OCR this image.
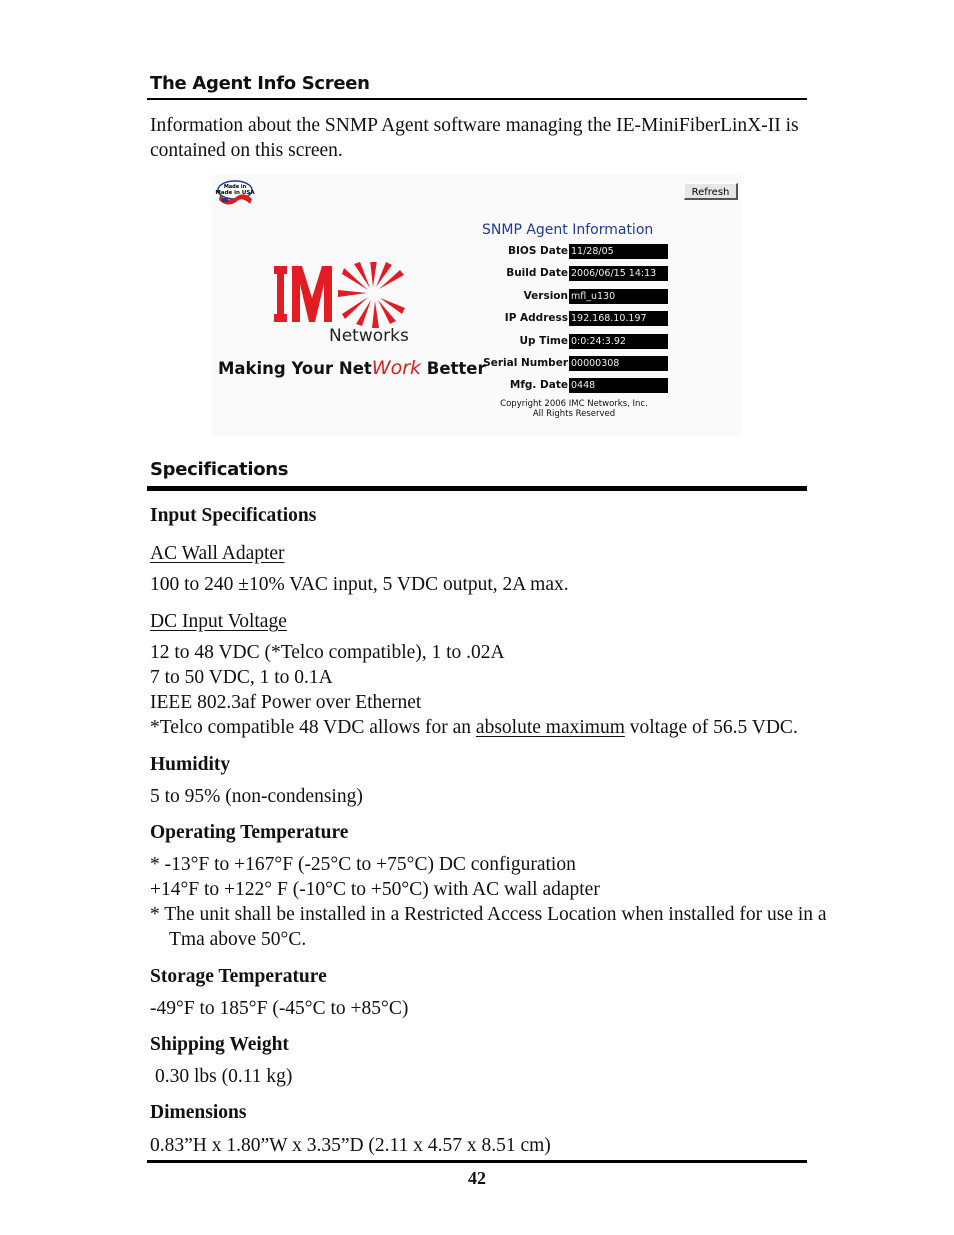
The Agent Info Screen
Information about the SNMP Agent software managing the IE-MiniFiberLinX-II is
contained on this screen.
Made in
Made in USA	Refresh
Networks
Making Your NetWork Better
SNMP Agent Information
BIOS Date 11/28/05
Build Date 2006/06/15 14:13
Version mfl_u130
IP Address 192.168.10.197
Up Time 0:0:24:3.92
Serial Number 00000308
Mfg. Date 0448
Copyright 2006 IMC Networks, Inc.
All Rights Reserved
Specifications
Input Specifications
AC Wall Adapter
100 to 240 ±10% VAC input, 5 VDC output, 2A max.
DC Input Voltage
12 to 48 VDC (*Telco compatible), 1 to .02A
7 to 50 VDC, 1 to 0.1A
IEEE 802.3af Power over Ethernet
*Telco compatible 48 VDC allows for an absolute maximum voltage of 56.5 VDC.
Humidity
5 to 95% (non-condensing)
Operating Temperature
* -13°F to +167°F (-25°C to +75°C) DC configuration
+14°F to +122° F (-10°C to +50°C) with AC wall adapter
* The unit shall be installed in a Restricted Access Location when installed for use in a
Tma above 50°C.
Storage Temperature
-49°F to 185°F (-45°C to +85°C)
Shipping Weight
0.30 lbs (0.11 kg)
Dimensions
0.83”H x 1.80”W x 3.35”D (2.11 x 4.57 x 8.51 cm)
42
